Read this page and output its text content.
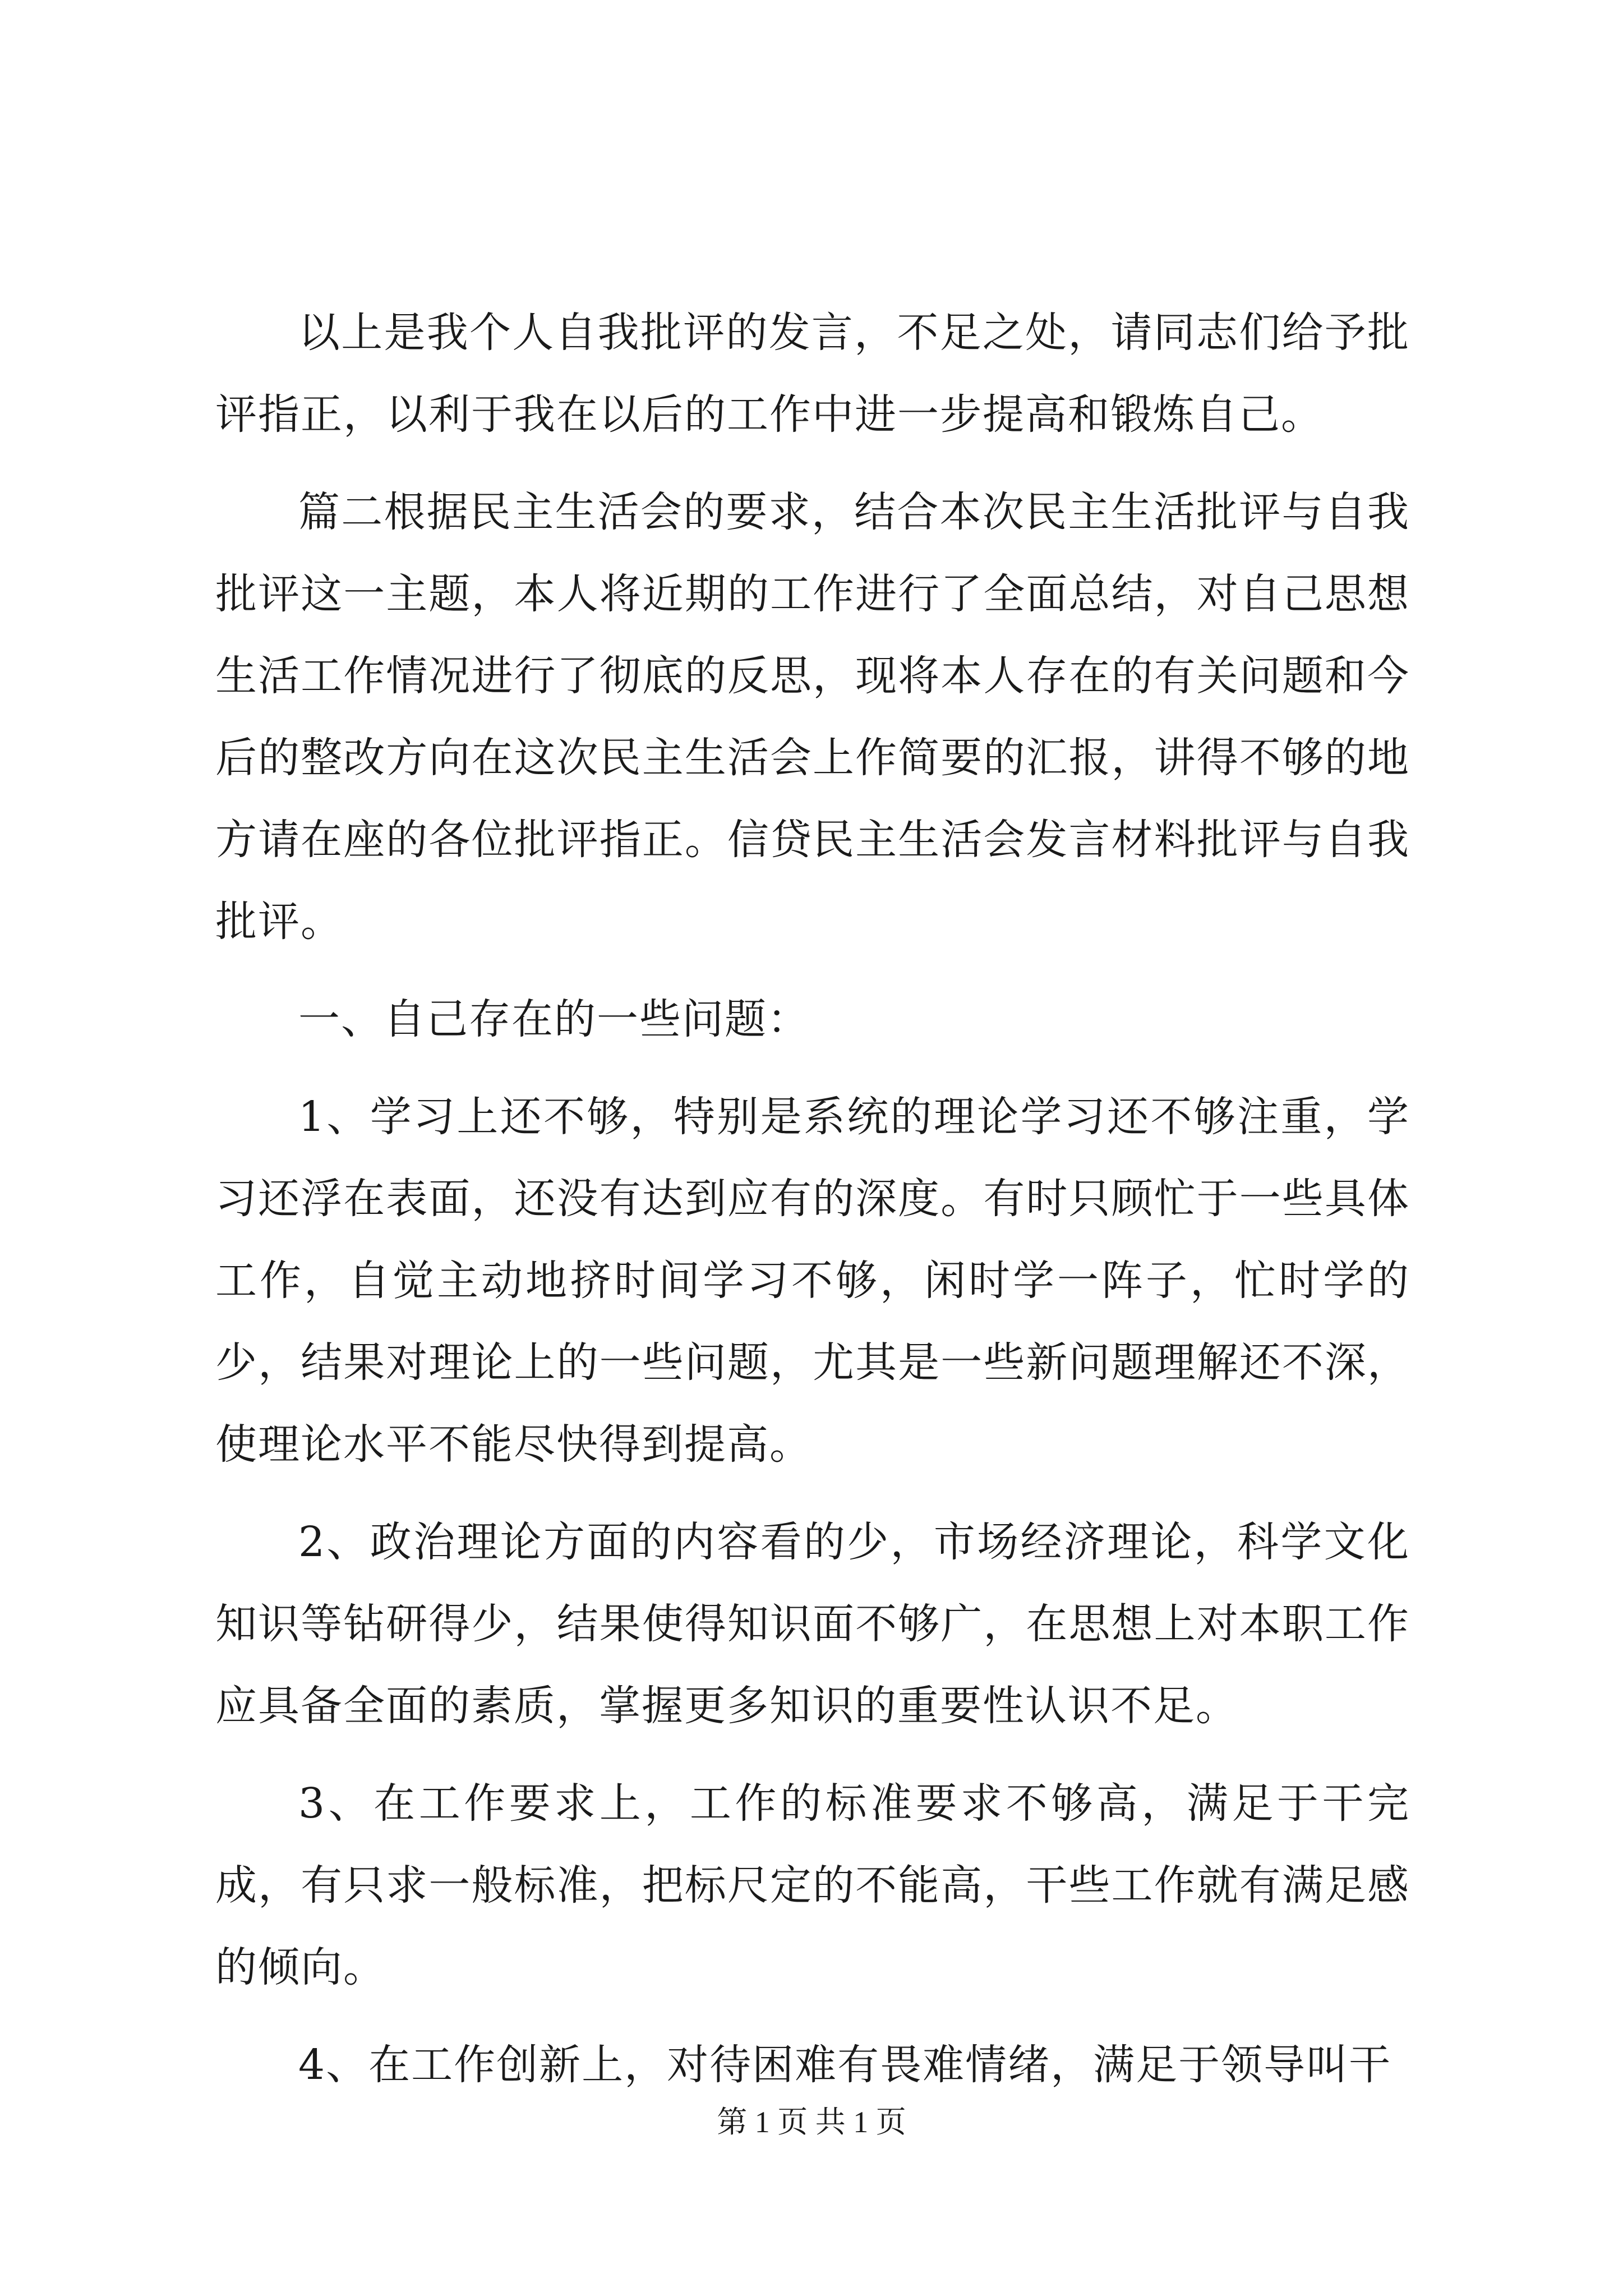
以上是我个人自我批评的发言，不足之处，请同志们给予批评指正，以利于我在以后的工作中进一步提高和锻炼自己。

篇二根据民主生活会的要求，结合本次民主生活批评与自我批评这一主题，本人将近期的工作进行了全面总结，对自己思想生活工作情况进行了彻底的反思，现将本人存在的有关问题和今后的整改方向在这次民主生活会上作简要的汇报，讲得不够的地方请在座的各位批评指正。信贷民主生活会发言材料批评与自我批评。

一、自己存在的一些问题：

1、学习上还不够，特别是系统的理论学习还不够注重，学习还浮在表面，还没有达到应有的深度。有时只顾忙于一些具体工作，自觉主动地挤时间学习不够，闲时学一阵子，忙时学的少，结果对理论上的一些问题，尤其是一些新问题理解还不深，使理论水平不能尽快得到提高。

2、政治理论方面的内容看的少，市场经济理论，科学文化知识等钻研得少，结果使得知识面不够广，在思想上对本职工作应具备全面的素质，掌握更多知识的重要性认识不足。

3、在工作要求上，工作的标准要求不够高，满足于干完成，有只求一般标准，把标尺定的不能高，干些工作就有满足感的倾向。

4、在工作创新上，对待困难有畏难情绪，满足于领导叫干

第 1 页 共 1 页
